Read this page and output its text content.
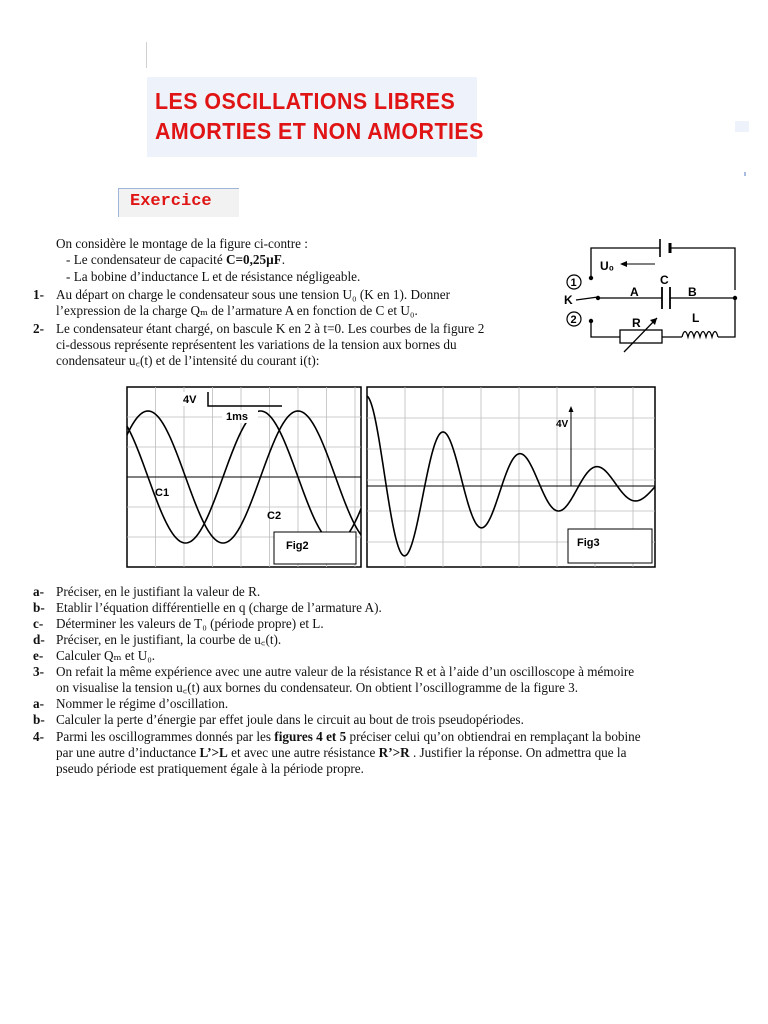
LES OSCILLATIONS LIBRES
AMORTIES ET NON AMORTIES
Exercice
On considère le montage de la figure ci-contre :
- Le condensateur de capacité C=0,25µF.
- La bobine d’inductance L et de résistance négligeable.
1- Au départ on charge le condensateur sous une tension U₀ (K en 1). Donner
l’expression de la charge Qₘ de l’armature A en fonction de C et U₀.
2- Le condensateur étant chargé, on bascule K en 2 à t=0. Les courbes de la figure 2
ci-dessous représente représentent les variations de la tension aux bornes du
condensateur u꜀(t) et de l’intensité du courant i(t):
U₀
1
2
K
C
A	B
R	L
4V
1ms
C1
C2
Fig2
4V
Fig3
a- Préciser, en le justifiant la valeur de R.
b- Etablir l’équation différentielle en q (charge de l’armature A).
c- Déterminer les valeurs de T₀ (période propre) et L.
d- Préciser, en le justifiant, la courbe de u꜀(t).
e- Calculer Qₘ et U₀.
3- On refait la même expérience avec une autre valeur de la résistance R et à l’aide d’un oscilloscope à mémoire
on visualise la tension u꜀(t) aux bornes du condensateur. On obtient l’oscillogramme de la figure 3.
a- Nommer le régime d’oscillation.
b- Calculer la perte d’énergie par effet joule dans le circuit au bout de trois pseudopériodes.
4- Parmi les oscillogrammes donnés par les figures 4 et 5 préciser celui qu’on obtiendrai en remplaçant la bobine
par une autre d’inductance L’>L et avec une autre résistance R’>R . Justifier la réponse. On admettra que la
pseudo période est pratiquement égale à la période propre.
